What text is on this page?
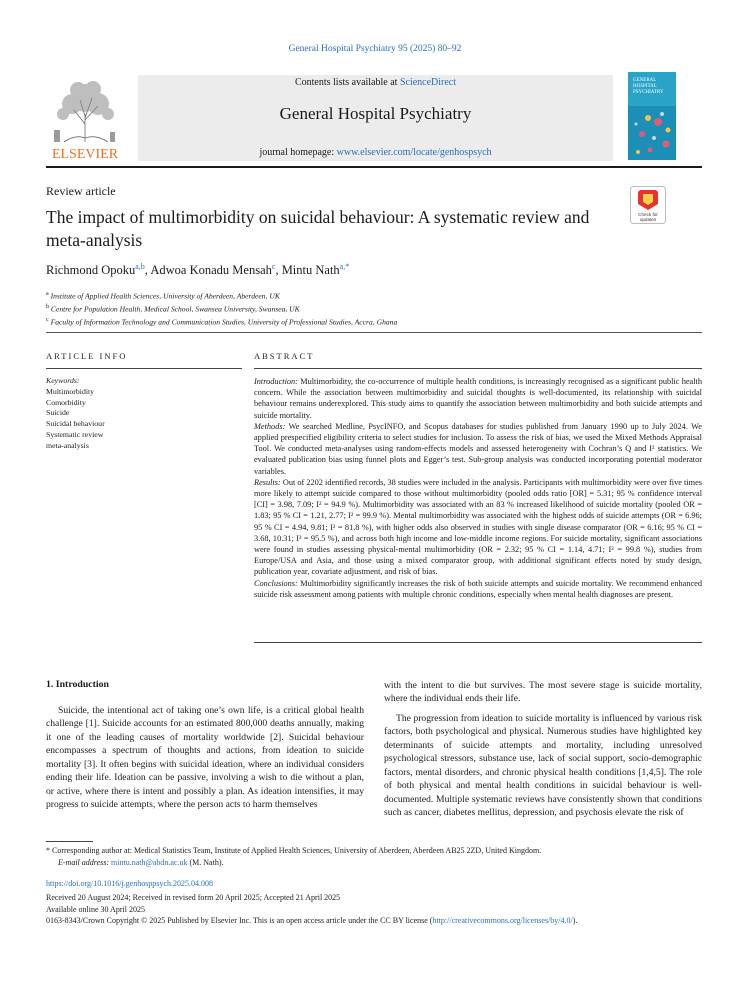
General Hospital Psychiatry 95 (2025) 80–92
ELSEVIER
Contents lists available at ScienceDirect
General Hospital Psychiatry
journal homepage: www.elsevier.com/locate/genhospsych
GENERAL
HOSPITAL
PSYCHIATRY
Review article
The impact of multimorbidity on suicidal behaviour: A systematic review and meta-analysis
Check for
updates
Richmond Opoku$^{a,b}$, Adwoa Konadu Mensah$^c$, Mintu Nath$^{a,*}$
$^a$ Institute of Applied Health Sciences, University of Aberdeen, Aberdeen, UK
$^b$ Centre for Population Health, Medical School, Swansea University, Swansea, UK
$^c$ Faculty of Information Technology and Communication Studies, University of Professional Studies, Accra, Ghana
ARTICLE INFO	ABSTRACT
Keywords:
Multimorbidity
Comorbidity
Suicide
Suicidal behaviour
Systematic review
meta-analysis

Introduction: Multimorbidity, the co-occurrence of multiple health conditions, is increasingly recognised as a significant public health concern. While the association between multimorbidity and suicidal thoughts is well-documented, its relationship with suicidal behaviour remains underexplored. This study aims to quantify the association between multimorbidity and both suicide attempts and suicide mortality.

Methods: We searched Medline, PsycINFO, and Scopus databases for studies published from January 1990 up to July 2024. We applied prespecified eligibility criteria to select studies for inclusion. To assess the risk of bias, we used the Mixed Methods Appraisal Tool. We conducted meta-analyses using random-effects models and assessed heterogeneity with Cochran’s Q and I² statistics. We evaluated publication bias using funnel plots and Egger’s test. Sub-group analysis was conducted incorporating potential moderator variables.

Results: Out of 2202 identified records, 38 studies were included in the analysis. Participants with multimorbidity were over five times more likely to attempt suicide compared to those without multimorbidity (pooled odds ratio [OR] = 5.31; 95 % confidence interval [CI] = 3.98, 7.09; I² = 94.9 %). Multimorbidity was associated with an 83 % increased likelihood of suicide mortality (pooled OR = 1.83; 95 % CI = 1.21, 2.77; I² = 99.9 %). Mental multimorbidity was associated with the highest odds of suicide attempts (OR = 6.96; 95 % CI = 4.94, 9.81; I² = 81.8 %), with higher odds also observed in studies with single disease comparator (OR = 6.16; 95 % CI = 3.68, 10.31; I² = 95.5 %), and across both high income and low-middle income regions. For suicide mortality, significant associations were found in studies assessing physical-mental multimorbidity (OR = 2.32; 95 % CI = 1.14, 4.71; I² = 99.8 %), studies from Europe/USA and Asia, and those using a mixed comparator group, with additional significant effects noted by study design, publication year, covariate adjustment, and risk of bias.

Conclusions: Multimorbidity significantly increases the risk of both suicide attempts and suicide mortality. We recommend enhanced suicide risk assessment among patients with multiple chronic conditions, especially when mental health diagnoses are present.

1. Introduction

Suicide, the intentional act of taking one’s own life, is a critical global health challenge [1]. Suicide accounts for an estimated 800,000 deaths annually, making it one of the leading causes of mortality worldwide [2]. Suicidal behaviour encompasses a spectrum of thoughts and actions, from ideation to suicide mortality [3]. It often begins with suicidal ideation, where an individual considers ending their life. Ideation can be passive, involving a wish to die without a plan, or active, where there is intent and possibly a plan. As ideation intensifies, it may progress to suicide attempts, where the person acts to harm themselves

with the intent to die but survives. The most severe stage is suicide mortality, where the individual ends their life.

The progression from ideation to suicide mortality is influenced by various risk factors, both psychological and physical. Numerous studies have highlighted key determinants of suicide attempts and mortality, including unresolved psychological stressors, substance use, lack of social support, socio-demographic factors, mental disorders, and chronic physical health conditions [1,4,5]. The role of both physical and mental health conditions in suicidal behaviour is well-documented. Multiple systematic reviews have consistently shown that conditions such as cancer, diabetes mellitus, depression, and psychosis elevate the risk of

* Corresponding author at: Medical Statistics Team, Institute of Applied Health Sciences, University of Aberdeen, Aberdeen AB25 2ZD, United Kingdom.
E-mail address: mintu.nath@abdn.ac.uk (M. Nath).
https://doi.org/10.1016/j.genhosppsych.2025.04.008
Received 20 August 2024; Received in revised form 20 April 2025; Accepted 21 April 2025
Available online 30 April 2025
0163-8343/Crown Copyright © 2025 Published by Elsevier Inc. This is an open access article under the CC BY license (http://creativecommons.org/licenses/by/4.0/).
